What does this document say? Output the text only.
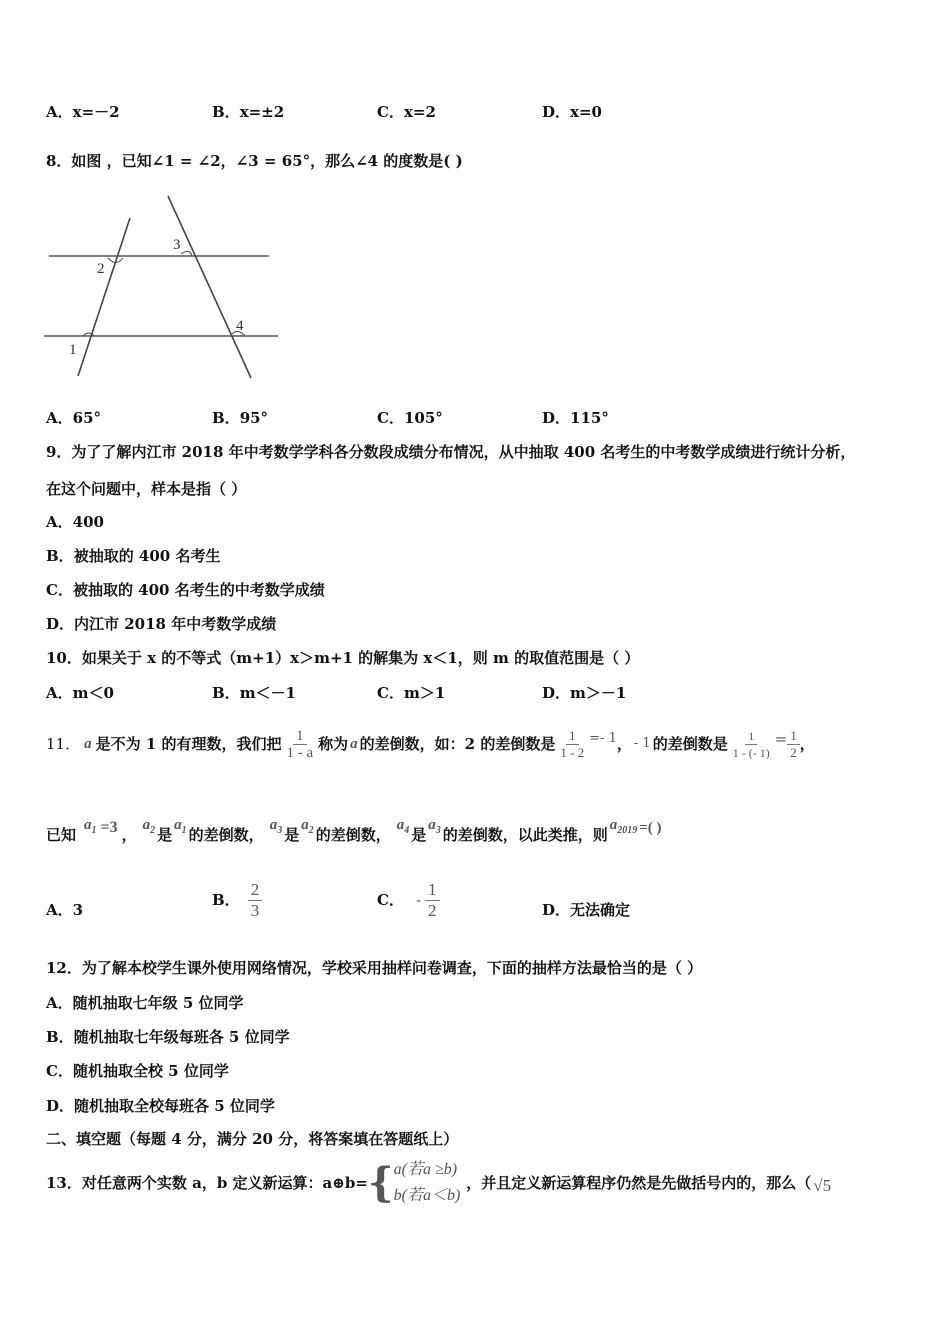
A．x=－2	B．x=±2	C．x=2	D．x=0
8．如图 ，已知∠1 = ∠2，∠3 = 65°，那么∠4 的度数是( )
1
2
3
4
A．65°	B．95°	C．105°	D．115°
9．为了了解内江市 2018 年中考数学学科各分数段成绩分布情况，从中抽取 400 名考生的中考数学成绩进行统计分析，
在这个问题中，样本是指（ ）
A．400
B．被抽取的 400 名考生
C．被抽取的 400 名考生的中考数学成绩
D．内江市 2018 年中考数学成绩
10．如果关于 x 的不等式（m+1）x＞m+1 的解集为 x＜1，则 m 的取值范围是（ ）
A．m＜0	B．m＜－1	C．m＞1	D．m＞－1
11． a 是不为 1 的有理数，我们把 $\frac{1}{1 - a}$ 称为 a 的差倒数，如：2 的差倒数是 $\frac{1}{1 - 2} =- 1$ ， - 1 的差倒数是 $\frac{1}{1 - (- 1)} = \frac{1}{2}$ ，
已知
$a_1 =3$ ，
$a_2$ 是
$a_1$ 的差倒数，
$a_3$ 是
$a_2$ 的差倒数，
$a_4$ 是
$a_3$ 的差倒数，以此类推，则
$a_{2019}$ =( )
A．3
B． $\frac{2}{3}$	C． - $\frac{1}{2}$	D．无法确定
12．为了解本校学生课外使用网络情况，学校采用抽样问卷调查，下面的抽样方法最恰当的是（ ）
A．随机抽取七年级 5 位同学
B．随机抽取七年级每班各 5 位同学
C．随机抽取全校 5 位同学
D．随机抽取全校每班各 5 位同学
二、填空题（每题 4 分，满分 20 分，将答案填在答题纸上）
13．对任意两个实数 a，b 定义新运算：a⊕b= { a(若a ≥b)
b(若a＜b)
，并且定义新运算程序仍然是先做括号内的，那么（ √5
